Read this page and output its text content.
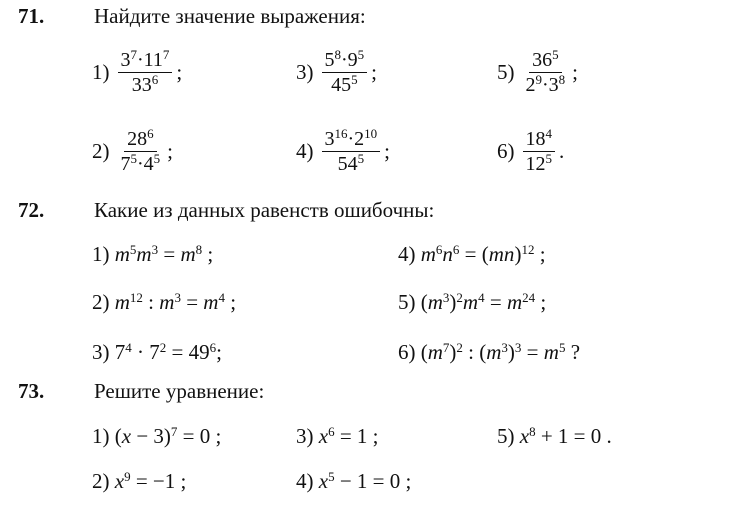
71. Найдите значение выражения:
$1) \frac{3^7\cdot 11^7}{33^6}$ ;
$2) \frac{28^6}{7^5\cdot 4^5}$ ;
$3) \frac{5^8\cdot 9^5}{45^5}$ ;
$4) \frac{3^{16}\cdot 2^{10}}{54^5}$ ;
$5) \frac{36^5}{2^9\cdot 3^8}$ ;
$6) \frac{18^4}{12^5}$ .
72. Какие из данных равенств ошибочны:
1) $m^5m^3 = m^8$ ;
2) $m^{12}$ : $m^3 = m^4$ ;
3) $7^4 \cdot 7^2 = 49^6$;
4) $m^6n^6 = (mn)^{12}$ ;
5) $(m^3)^2m^4 = m^{24}$ ;
6) $(m^7)^2$ : $(m^3)^3 = m^5$ ?
73. Решите уравнение:
1) $(x - 3)^7 = 0$ ;
2) $x^9 = -1$ ;
3) $x^6 = 1$ ;
4) $x^5 - 1 = 0$ ;
5) $x^8 + 1 = 0$ .
